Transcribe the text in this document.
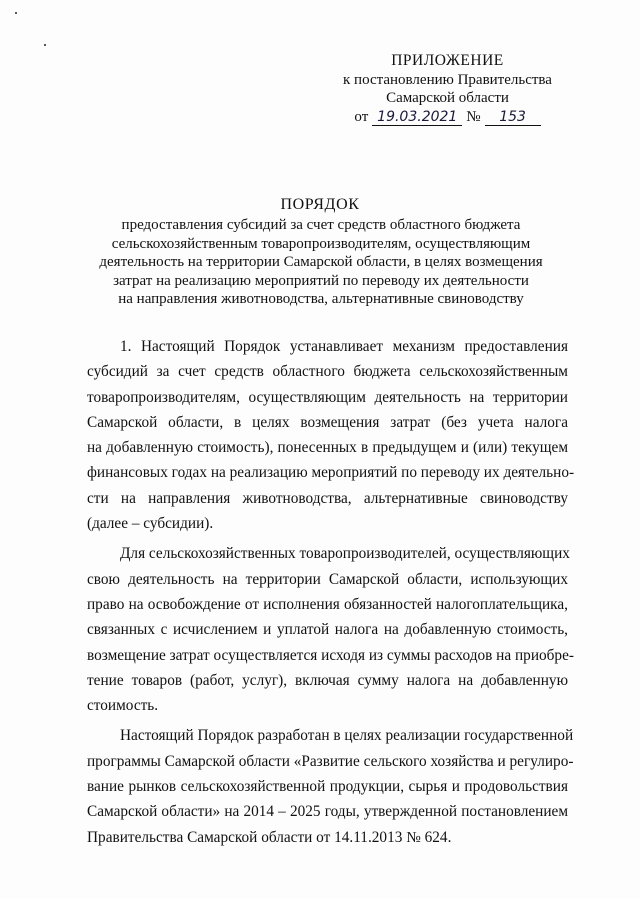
ПРИЛОЖЕНИЕ
к постановлению Правительства
Самарской области
от 19.03.2021 №	153
ПОРЯДОК
предоставления субсидий за счет средств областного бюджета
сельскохозяйственным товаропроизводителям, осуществляющим
деятельность на территории Самарской области, в целях возмещения
затрат на реализацию мероприятий по переводу их деятельности
на направления животноводства, альтернативные свиноводству
1. Настоящий Порядок устанавливает механизм предоставления
субсидий за счет средств областного бюджета сельскохозяйственным
товаропроизводителям, осуществляющим деятельность на территории
Самарской области, в целях возмещения затрат (без учета налога
на добавленную стоимость), понесенных в предыдущем и (или) текущем
финансовых годах на реализацию мероприятий по переводу их деятельно-
сти на направления животноводства, альтернативные свиноводству
(далее – субсидии).
Для сельскохозяйственных товаропроизводителей, осуществляющих
свою деятельность на территории Самарской области, использующих
право на освобождение от исполнения обязанностей налогоплательщика,
связанных с исчислением и уплатой налога на добавленную стоимость,
возмещение затрат осуществляется исходя из суммы расходов на приобре-
тение товаров (работ, услуг), включая сумму налога на добавленную
стоимость.
Настоящий Порядок разработан в целях реализации государственной
программы Самарской области «Развитие сельского хозяйства и регулиро-
вание рынков сельскохозяйственной продукции, сырья и продовольствия
Самарской области» на 2014 – 2025 годы, утвержденной постановлением
Правительства Самарской области от 14.11.2013 № 624.
